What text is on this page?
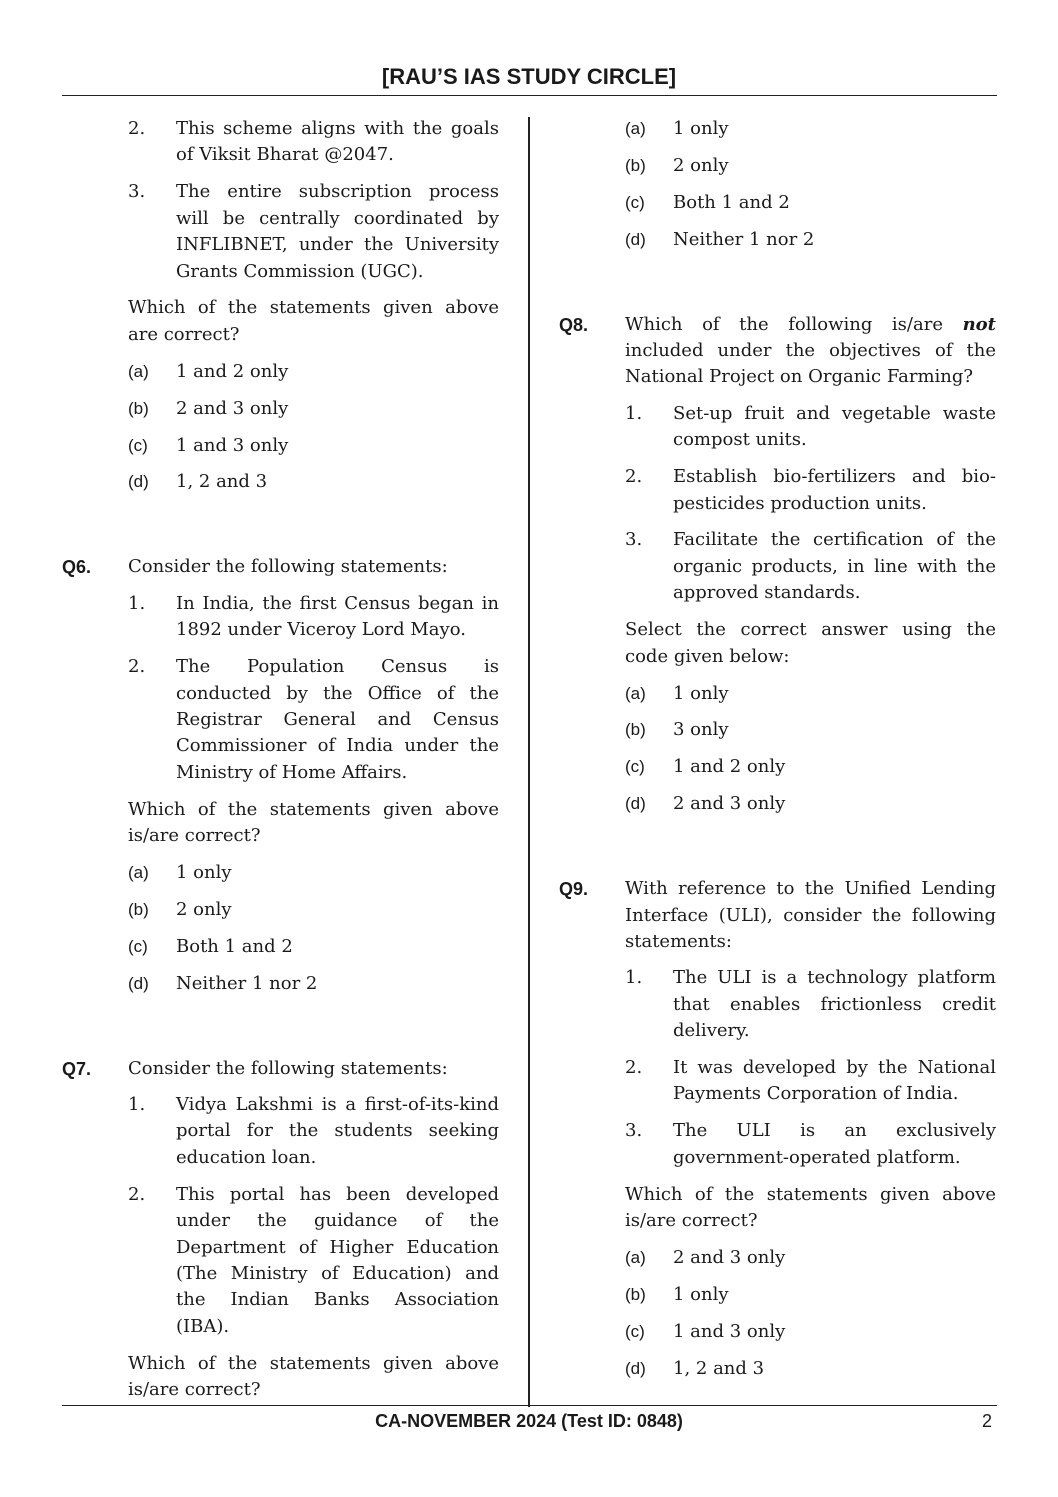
[RAU’S IAS STUDY CIRCLE]
2.	This scheme aligns with the goals of Viksit Bharat @2047.
3.	The entire subscription process will be centrally coordinated by INFLIBNET, under the University Grants Commission (UGC).
Which of the statements given above are correct?
(a)	1 and 2 only
(b)	2 and 3 only
(c)	1 and 3 only
(d)	1, 2 and 3
Q6.	Consider the following statements:
1.	In India, the first Census began in 1892 under Viceroy Lord Mayo.
2.	The Population Census is conducted by the Office of the Registrar General and Census Commissioner of India under the Ministry of Home Affairs.
Which of the statements given above is/are correct?
(a)	1 only
(b)	2 only
(c)	Both 1 and 2
(d)	Neither 1 nor 2
Q7.	Consider the following statements:
1.	Vidya Lakshmi is a first-of-its-kind portal for the students seeking education loan.
2.	This portal has been developed under the guidance of the Department of Higher Education (The Ministry of Education) and the Indian Banks Association (IBA).
Which of the statements given above is/are correct?
(a)	1 only
(b)	2 only
(c)	Both 1 and 2
(d)	Neither 1 nor 2
Q8.	Which of the following is/are not included under the objectives of the National Project on Organic Farming?
1.	Set-up fruit and vegetable waste compost units.
2.	Establish bio-fertilizers and bio-pesticides production units.
3.	Facilitate the certification of the organic products, in line with the approved standards.
Select the correct answer using the code given below:
(a)	1 only
(b)	3 only
(c)	1 and 2 only
(d)	2 and 3 only
Q9.	With reference to the Unified Lending Interface (ULI), consider the following statements:
1.	The ULI is a technology platform that enables frictionless credit delivery.
2.	It was developed by the National Payments Corporation of India.
3.	The ULI is an exclusively government-operated platform.
Which of the statements given above is/are correct?
(a)	2 and 3 only
(b)	1 only
(c)	1 and 3 only
(d)	1, 2 and 3
CA-NOVEMBER 2024 (Test ID: 0848)	2
